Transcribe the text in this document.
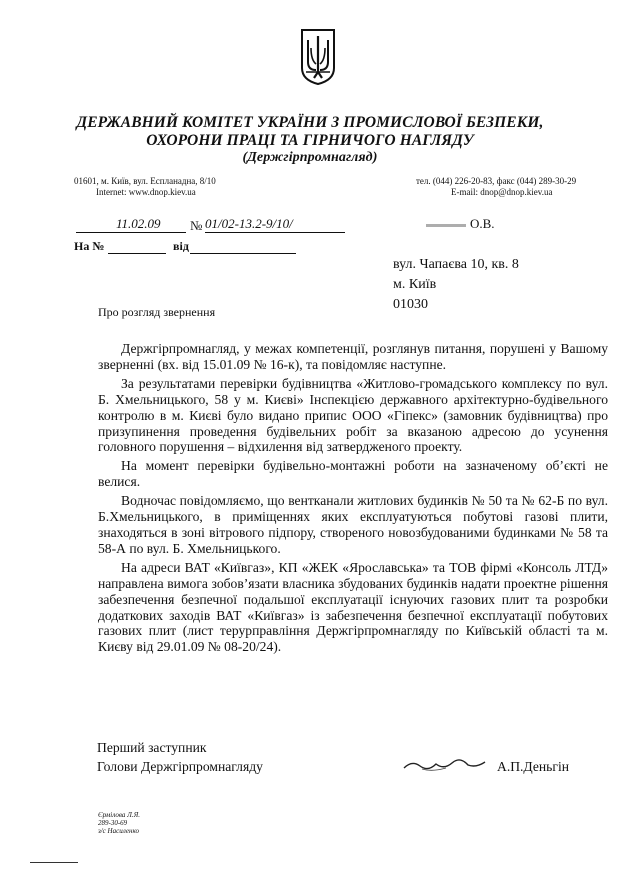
ДЕРЖАВНИЙ КОМІТЕТ УКРАЇНИ З ПРОМИСЛОВОЇ БЕЗПЕКИ,
ОХОРОНИ ПРАЦІ ТА ГІРНИЧОГО НАГЛЯДУ
(Держгірпромнагляд)
01601, м. Київ, вул. Еспланадна, 8/10
Internet: www.dnop.kiev.ua
тел. (044) 226-20-83, факс (044) 289-30-29
E-mail: dnop@dnop.kiev.ua
11.02.09 № 01/02-13.2-9/10/	О.В.
На №	від
вул. Чапаєва 10, кв. 8
м. Київ
01030
Про розгляд звернення

Держгірпромнагляд, у межах компетенції, розглянув питання, порушені у Вашому зверненні (вх. від 15.01.09 № 16-к), та повідомляє наступне.

За результатами перевірки будівництва «Житлово-громадського комплексу по вул. Б. Хмельницького, 58 у м. Києві» Інспекцією державного архітектурно-будівельного контролю в м. Києві було видано припис ООО «Гіпекс» (замовник будівництва) про призупинення проведення будівельних робіт за вказаною адресою до усунення головного порушення – відхилення від затвердженого проекту.

На момент перевірки будівельно-монтажні роботи на зазначеному об’єкті не велися.

Водночас повідомляємо, що вентканали житлових будинків № 50 та № 62-Б по вул. Б.Хмельницького, в приміщеннях яких експлуатуються побутові газові плити, знаходяться в зоні вітрового підпору, створеного новозбудованими будинками № 58 та 58-А по вул. Б. Хмельницького.

На адреси ВАТ «Київгаз», КП «ЖЕК «Ярославська» та ТОВ фірмі «Консоль ЛТД» направлена вимога зобов’язати власника збудованих будинків надати проектне рішення забезпечення безпечної подальшої експлуатації існуючих газових плит та розробки додаткових заходів ВАТ «Київгаз» із забезпечення безпечної експлуатації побутових газових плит (лист терурправління Держгірпромнагляду по Київській області та м. Києву від 29.01.09 № 08-20/24).

Перший заступник
Голови Держгірпромнагляду	А.П.Деньгін
Єрмілова Л.Я.
289-30-69
з/с Насиленко
